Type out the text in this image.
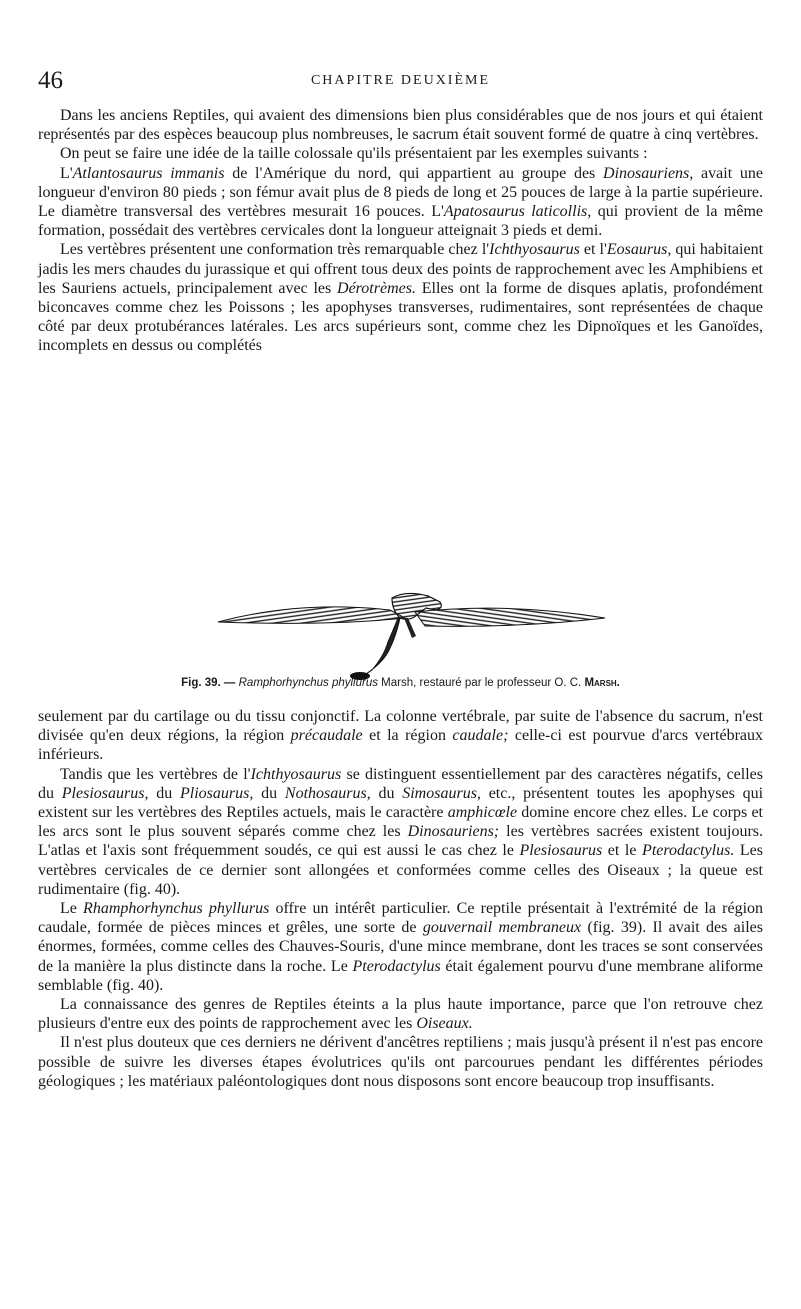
46	CHAPITRE DEUXIÈME

Dans les anciens Reptiles, qui avaient des dimensions bien plus considérables que de nos jours et qui étaient représentés par des espèces beaucoup plus nombreuses, le sacrum était souvent formé de quatre à cinq vertèbres.

On peut se faire une idée de la taille colossale qu'ils présentaient par les exemples suivants :

L'Atlantosaurus immanis de l'Amérique du nord, qui appartient au groupe des Dinosauriens, avait une longueur d'environ 80 pieds ; son fémur avait plus de 8 pieds de long et 25 pouces de large à la partie supérieure. Le diamètre transversal des vertèbres mesurait 16 pouces. L'Apatosaurus laticollis, qui provient de la même formation, possédait des vertèbres cervicales dont la longueur atteignait 3 pieds et demi.

Les vertèbres présentent une conformation très remarquable chez l'Ichthyosaurus et l'Eosaurus, qui habitaient jadis les mers chaudes du jurassique et qui offrent tous deux des points de rapprochement avec les Amphibiens et les Sauriens actuels, principalement avec les Dérotrèmes. Elles ont la forme de disques aplatis, profondément biconcaves comme chez les Poissons ; les apophyses transverses, rudimentaires, sont représentées de chaque côté par deux protubérances latérales. Les arcs supérieurs sont, comme chez les Dipnoïques et les Ganoïdes, incomplets en dessus ou complétés

Fig. 39. — Ramphorhynchus phyllurus Marsh, restauré par le professeur O. C. Marsh.

seulement par du cartilage ou du tissu conjonctif. La colonne vertébrale, par suite de l'absence du sacrum, n'est divisée qu'en deux régions, la région précaudale et la région caudale; celle-ci est pourvue d'arcs vertébraux inférieurs.

Tandis que les vertèbres de l'Ichthyosaurus se distinguent essentiellement par des caractères négatifs, celles du Plesiosaurus, du Pliosaurus, du Nothosaurus, du Simosaurus, etc., présentent toutes les apophyses qui existent sur les vertèbres des Reptiles actuels, mais le caractère amphicœle domine encore chez elles. Le corps et les arcs sont le plus souvent séparés comme chez les Dinosauriens; les vertèbres sacrées existent toujours. L'atlas et l'axis sont fréquemment soudés, ce qui est aussi le cas chez le Plesiosaurus et le Pterodactylus. Les vertèbres cervicales de ce dernier sont allongées et conformées comme celles des Oiseaux ; la queue est rudimentaire (fig. 40).

Le Rhamphorhynchus phyllurus offre un intérêt particulier. Ce reptile présentait à l'extrémité de la région caudale, formée de pièces minces et grêles, une sorte de gouvernail membraneux (fig. 39). Il avait des ailes énormes, formées, comme celles des Chauves-Souris, d'une mince membrane, dont les traces se sont conservées de la manière la plus distincte dans la roche. Le Pterodactylus était également pourvu d'une membrane aliforme semblable (fig. 40).

La connaissance des genres de Reptiles éteints a la plus haute importance, parce que l'on retrouve chez plusieurs d'entre eux des points de rapprochement avec les Oiseaux.

Il n'est plus douteux que ces derniers ne dérivent d'ancêtres reptiliens ; mais jusqu'à présent il n'est pas encore possible de suivre les diverses étapes évolutrices qu'ils ont parcourues pendant les différentes périodes géologiques ; les matériaux paléontologiques dont nous disposons sont encore beaucoup trop insuffisants.
